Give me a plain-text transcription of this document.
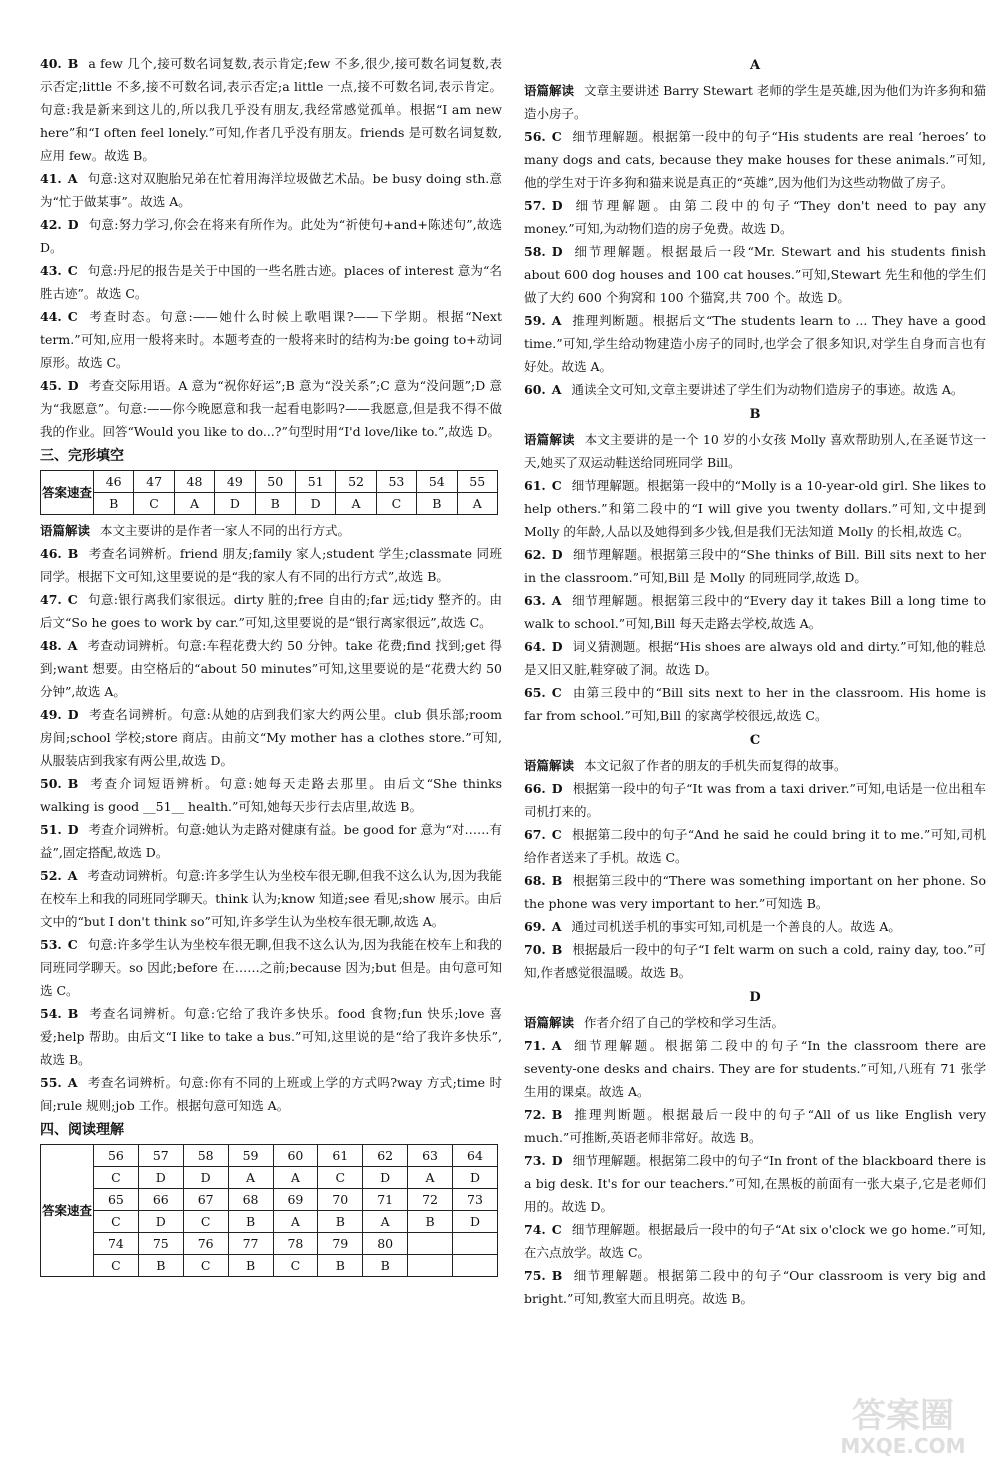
40. B a few 几个,接可数名词复数,表示肯定;few 不多,很少,接可数名词复数,表示否定;little 不多,接不可数名词,表示否定;a little 一点,接不可数名词,表示肯定。句意:我是新来到这儿的,所以我几乎没有朋友,我经常感觉孤单。根据“I am new here”和“I often feel lonely.”可知,作者几乎没有朋友。friends 是可数名词复数,应用 few。故选 B。

41. A 句意:这对双胞胎兄弟在忙着用海洋垃圾做艺术品。be busy doing sth.意为“忙于做某事”。故选 A。

42. D 句意:努力学习,你会在将来有所作为。此处为“祈使句+and+陈述句”,故选 D。

43. C 句意:丹尼的报告是关于中国的一些名胜古迹。places of interest 意为“名胜古迹”。故选 C。

44. C 考查时态。句意:——她什么时候上歌唱课?——下学期。根据“Next term.”可知,应用一般将来时。本题考查的一般将来时的结构为:be going to+动词原形。故选 C。

45. D 考查交际用语。A 意为“祝你好运”;B 意为“没关系”;C 意为“没问题”;D 意为“我愿意”。句意:——你今晚愿意和我一起看电影吗?——我愿意,但是我不得不做我的作业。回答“Would you like to do...?”句型时用“I'd love/like to.”,故选 D。

三、完形填空
答案速查	46	47	48	49	50	51	52	53	54	55
	B	C	A	D	B	D	A	C	B	A
语篇解读 本文主要讲的是作者一家人不同的出行方式。

46. B 考查名词辨析。friend 朋友;family 家人;student 学生;classmate 同班同学。根据下文可知,这里要说的是“我的家人有不同的出行方式”,故选 B。

47. C 句意:银行离我们家很远。dirty 脏的;free 自由的;far 远;tidy 整齐的。由后文“So he goes to work by car.”可知,这里要说的是“银行离家很远”,故选 C。

48. A 考查动词辨析。句意:车程花费大约 50 分钟。take 花费;find 找到;get 得到;want 想要。由空格后的“about 50 minutes”可知,这里要说的是“花费大约 50 分钟”,故选 A。

49. D 考查名词辨析。句意:从她的店到我们家大约两公里。club 俱乐部;room 房间;school 学校;store 商店。由前文“My mother has a clothes store.”可知,从服装店到我家有两公里,故选 D。

50. B 考查介词短语辨析。句意:她每天走路去那里。由后文“She thinks walking is good __51__ health.”可知,她每天步行去店里,故选 B。

51. D 考查介词辨析。句意:她认为走路对健康有益。be good for 意为“对……有益”,固定搭配,故选 D。

52. A 考查动词辨析。句意:许多学生认为坐校车很无聊,但我不这么认为,因为我能在校车上和我的同班同学聊天。think 认为;know 知道;see 看见;show 展示。由后文中的“but I don't think so”可知,许多学生认为坐校车很无聊,故选 A。

53. C 句意:许多学生认为坐校车很无聊,但我不这么认为,因为我能在校车上和我的同班同学聊天。so 因此;before 在……之前;because 因为;but 但是。由句意可知选 C。

54. B 考查名词辨析。句意:它给了我许多快乐。food 食物;fun 快乐;love 喜爱;help 帮助。由后文“I like to take a bus.”可知,这里说的是“给了我许多快乐”,故选 B。

55. A 考查名词辨析。句意:你有不同的上班或上学的方式吗?way 方式;time 时间;rule 规则;job 工作。根据句意可知选 A。

四、阅读理解
答案速查	56	57	58	59	60	61	62	63	64
	C	D	D	A	A	C	D	A	D
	65	66	67	68	69	70	71	72	73
	C	D	C	B	A	B	A	B	D
	74	75	76	77	78	79	80		
	C	B	C	B	C	B	B		
A
语篇解读 文章主要讲述 Barry Stewart 老师的学生是英雄,因为他们为许多狗和猫造小房子。

56. C 细节理解题。根据第一段中的句子“His students are real ‘heroes’ to many dogs and cats, because they make houses for these animals.”可知,他的学生对于许多狗和猫来说是真正的“英雄”,因为他们为这些动物做了房子。

57. D 细节理解题。由第二段中的句子“They don't need to pay any money.”可知,为动物们造的房子免费。故选 D。

58. D 细节理解题。根据最后一段“Mr. Stewart and his students finish about 600 dog houses and 100 cat houses.”可知,Stewart 先生和他的学生们做了大约 600 个狗窝和 100 个猫窝,共 700 个。故选 D。

59. A 推理判断题。根据后文“The students learn to ... They have a good time.”可知,学生给动物建造小房子的同时,也学会了很多知识,对学生自身而言也有好处。故选 A。

60. A 通读全文可知,文章主要讲述了学生们为动物们造房子的事迹。故选 A。

B
语篇解读 本文主要讲的是一个 10 岁的小女孩 Molly 喜欢帮助别人,在圣诞节这一天,她买了双运动鞋送给同班同学 Bill。

61. C 细节理解题。根据第一段中的“Molly is a 10-year-old girl. She likes to help others.”和第二段中的“I will give you twenty dollars.”可知,文中提到 Molly 的年龄,人品以及她得到多少钱,但是我们无法知道 Molly 的长相,故选 C。

62. D 细节理解题。根据第三段中的“She thinks of Bill. Bill sits next to her in the classroom.”可知,Bill 是 Molly 的同班同学,故选 D。

63. A 细节理解题。根据第三段中的“Every day it takes Bill a long time to walk to school.”可知,Bill 每天走路去学校,故选 A。

64. D 词义猜测题。根据“His shoes are always old and dirty.”可知,他的鞋总是又旧又脏,鞋穿破了洞。故选 D。

65. C 由第三段中的“Bill sits next to her in the classroom. His home is far from school.”可知,Bill 的家离学校很远,故选 C。

C
语篇解读 本文记叙了作者的朋友的手机失而复得的故事。

66. D 根据第一段中的句子“It was from a taxi driver.”可知,电话是一位出租车司机打来的。

67. C 根据第二段中的句子“And he said he could bring it to me.”可知,司机给作者送来了手机。故选 C。

68. B 根据第三段中的“There was something important on her phone. So the phone was very important to her.”可知选 B。

69. A 通过司机送手机的事实可知,司机是一个善良的人。故选 A。

70. B 根据最后一段中的句子“I felt warm on such a cold, rainy day, too.”可知,作者感觉很温暖。故选 B。

D
语篇解读 作者介绍了自己的学校和学习生活。

71. A 细节理解题。根据第二段中的句子“In the classroom there are seventy-one desks and chairs. They are for students.”可知,八班有 71 张学生用的课桌。故选 A。

72. B 推理判断题。根据最后一段中的句子“All of us like English very much.”可推断,英语老师非常好。故选 B。

73. D 细节理解题。根据第二段中的句子“In front of the blackboard there is a big desk. It's for our teachers.”可知,在黑板的前面有一张大桌子,它是老师们用的。故选 D。

74. C 细节理解题。根据最后一段中的句子“At six o'clock we go home.”可知,在六点放学。故选 C。

75. B 细节理解题。根据第二段中的句子“Our classroom is very big and bright.”可知,教室大而且明亮。故选 B。

答案圈
MXQE.COM
